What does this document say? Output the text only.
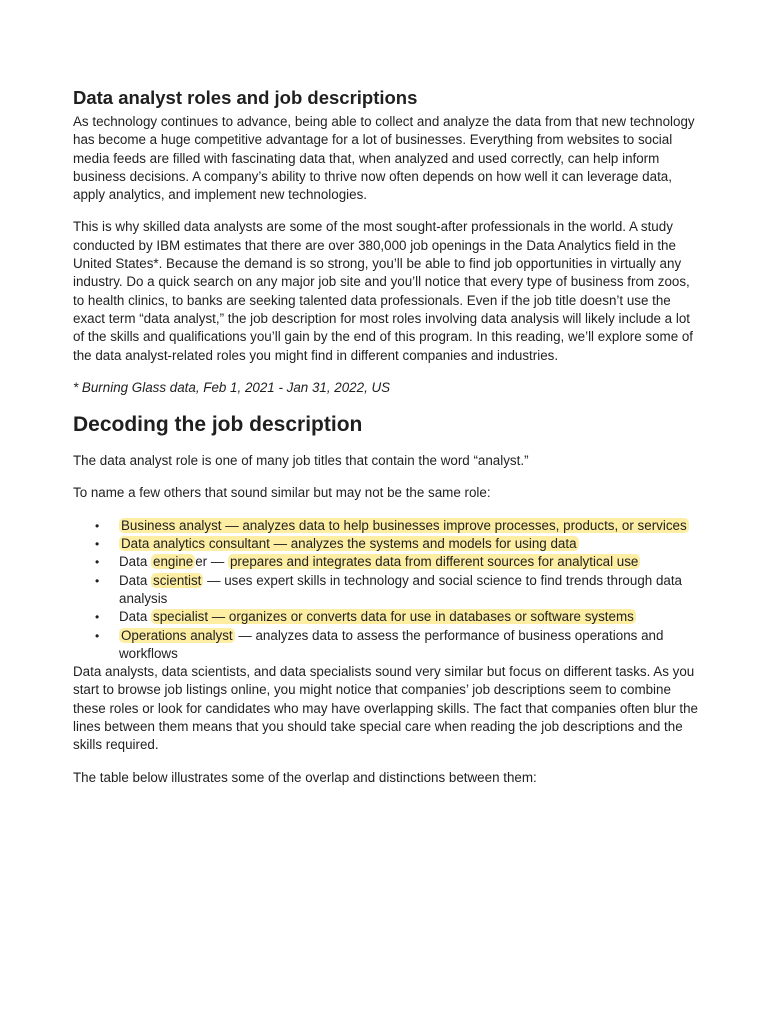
Data analyst roles and job descriptions

As technology continues to advance, being able to collect and analyze the data from that new technology has become a huge competitive advantage for a lot of businesses. Everything from websites to social media feeds are filled with fascinating data that, when analyzed and used correctly, can help inform business decisions. A company’s ability to thrive now often depends on how well it can leverage data, apply analytics, and implement new technologies.

This is why skilled data analysts are some of the most sought-after professionals in the world. A study conducted by IBM estimates that there are over 380,000 job openings in the Data Analytics field in the United States*. Because the demand is so strong, you’ll be able to find job opportunities in virtually any industry. Do a quick search on any major job site and you’ll notice that every type of business from zoos, to health clinics, to banks are seeking talented data professionals. Even if the job title doesn’t use the exact term “data analyst,” the job description for most roles involving data analysis will likely include a lot of the skills and qualifications you’ll gain by the end of this program. In this reading, we’ll explore some of the data analyst-related roles you might find in different companies and industries.

* Burning Glass data, Feb 1, 2021 - Jan 31, 2022, US

Decoding the job description

The data analyst role is one of many job titles that contain the word “analyst.”

To name a few others that sound similar but may not be the same role:

• Business analyst — analyzes data to help businesses improve processes, products, or services
• Data analytics consultant — analyzes the systems and models for using data
• Data engine er — prepares and integrates data from different sources for analytical use
• Data scientist — uses expert skills in technology and social science to find trends through data analysis
• Data specialist — organizes or converts data for use in databases or software systems
• Operations analyst — analyzes data to assess the performance of business operations and workflows

Data analysts, data scientists, and data specialists sound very similar but focus on different tasks. As you start to browse job listings online, you might notice that companies’ job descriptions seem to combine these roles or look for candidates who may have overlapping skills. The fact that companies often blur the lines between them means that you should take special care when reading the job descriptions and the skills required.

The table below illustrates some of the overlap and distinctions between them:
